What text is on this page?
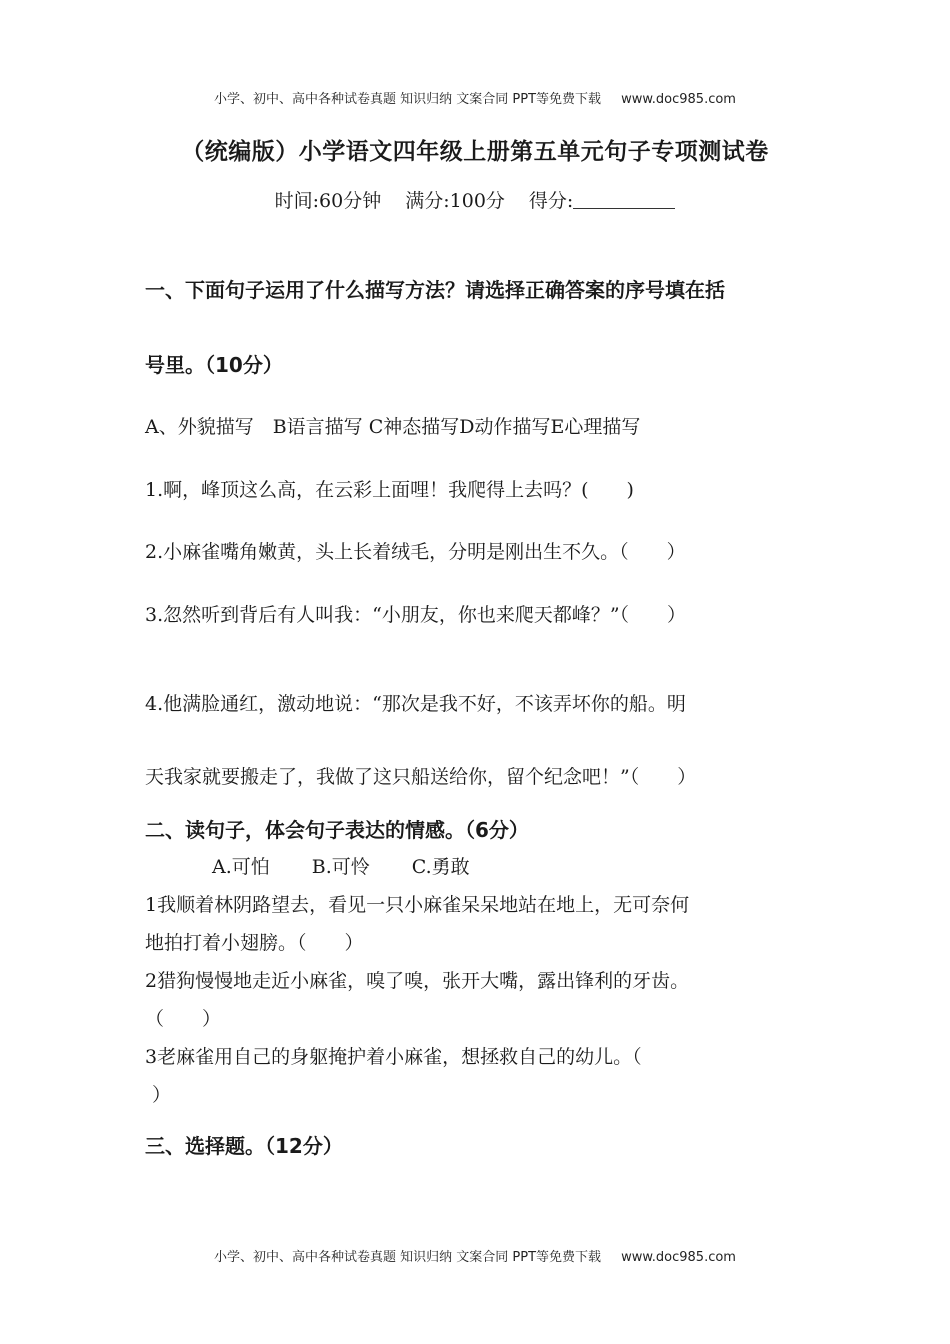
小学、初中、高中各种试卷真题 知识归纳 文案合同 PPT等免费下载 www.doc985.com
（统编版）小学语文四年级上册第五单元句子专项测试卷
时间:60分钟 满分:100分 得分:
一、下面句子运用了什么描写方法？请选择正确答案的序号填在括
号里。（10分）
A、外貌描写　B语言描写 C神态描写D动作描写E心理描写
1.啊，峰顶这么高，在云彩上面哩！我爬得上去吗？(　　)
2.小麻雀嘴角嫩黄，头上长着绒毛，分明是刚出生不久。（　　）
3.忽然听到背后有人叫我：“小朋友，你也来爬天都峰？”（　　）
4.他满脸通红，激动地说：“那次是我不好，不该弄坏你的船。明
天我家就要搬走了，我做了这只船送给你，留个纪念吧！”（　　）
二、读句子，体会句子表达的情感。（6分）
A.可怕 B.可怜 C.勇敢
1我顺着林阴路望去，看见一只小麻雀呆呆地站在地上，无可奈何
地拍打着小翅膀。（　　）
2猎狗慢慢地走近小麻雀，嗅了嗅，张开大嘴，露出锋利的牙齿。
（　　）
3老麻雀用自己的身躯掩护着小麻雀，想拯救自己的幼儿。（
）
三、选择题。（12分）
小学、初中、高中各种试卷真题 知识归纳 文案合同 PPT等免费下载 www.doc985.com
